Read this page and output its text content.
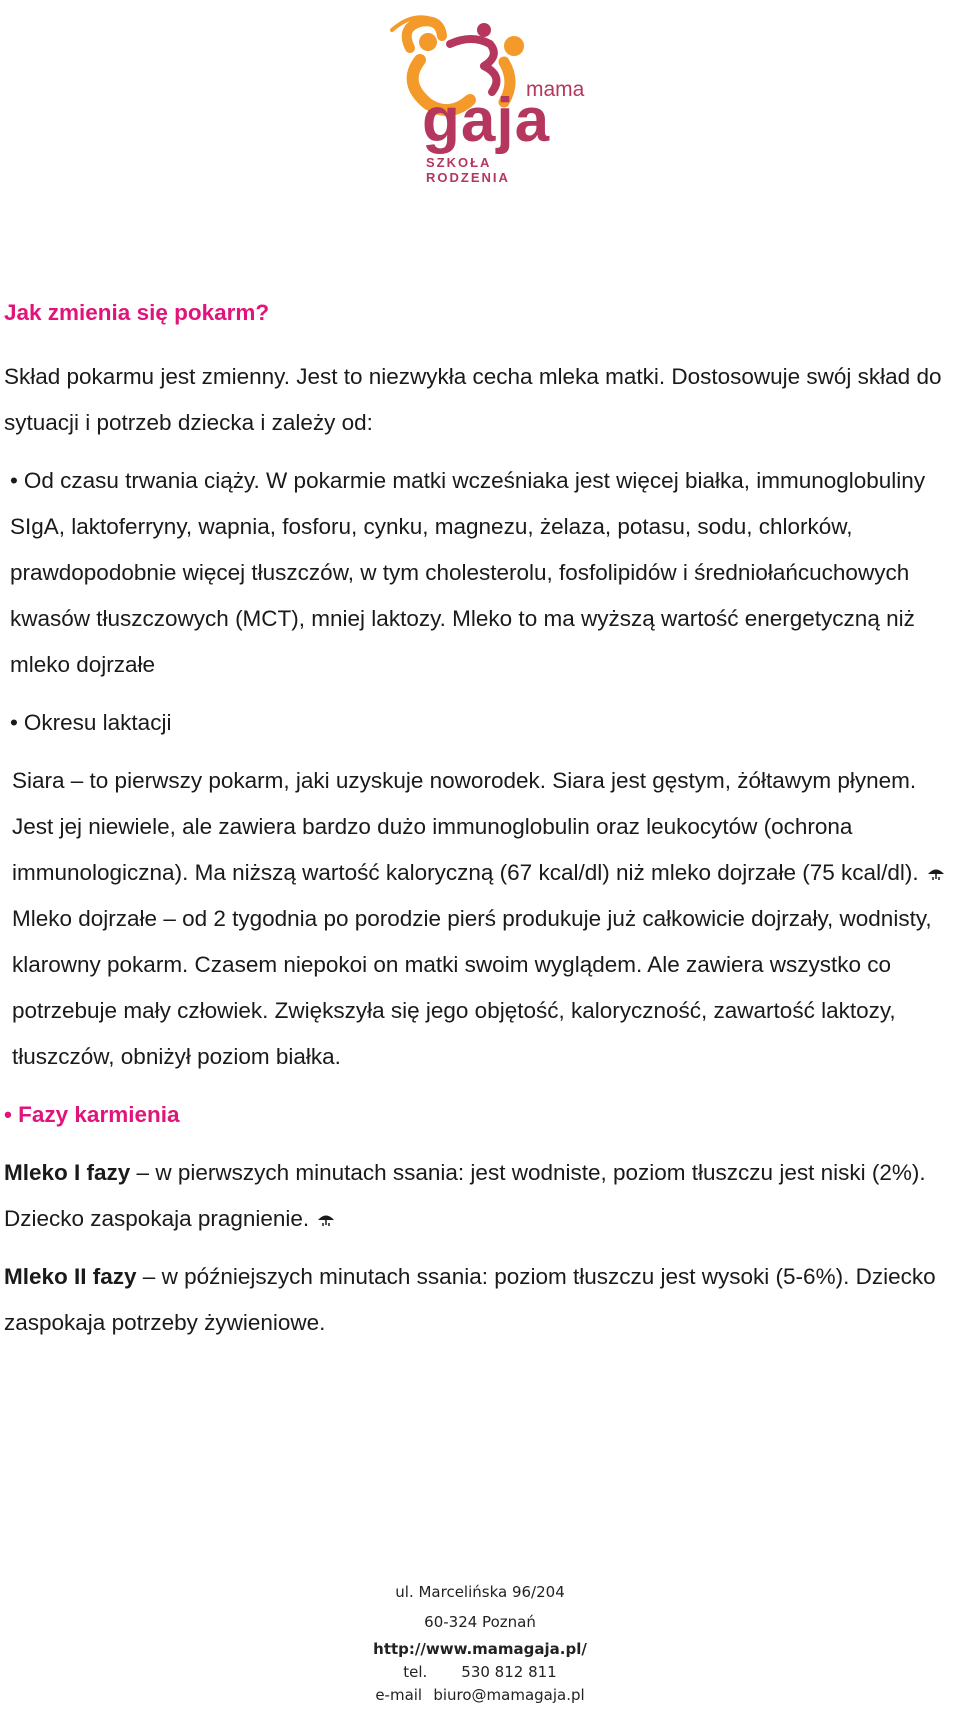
mama
gaja
SZKOŁA RODZENIA

Jak zmienia się pokarm?

Skład pokarmu jest zmienny. Jest to niezwykła cecha mleka matki. Dostosowuje swój skład do sytuacji i potrzeb dziecka i zależy od:

• Od czasu trwania ciąży. W pokarmie matki wcześniaka jest więcej białka, immunoglobuliny SIgA, laktoferryny, wapnia, fosforu, cynku, magnezu, żelaza, potasu, sodu, chlorków, prawdopodobnie więcej tłuszczów, w tym cholesterolu, fosfolipidów i średniołańcuchowych kwasów tłuszczowych (MCT), mniej laktozy. Mleko to ma wyższą wartość energetyczną niż mleko dojrzałe

• Okresu laktacji

Siara – to pierwszy pokarm, jaki uzyskuje noworodek. Siara jest gęstym, żółtawym płynem. Jest jej niewiele, ale zawiera bardzo dużo immunoglobulin oraz leukocytów (ochrona immunologiczna). Ma niższą wartość kaloryczną (67 kcal/dl) niż mleko dojrzałe (75 kcal/dl).  Mleko dojrzałe – od 2 tygodnia po porodzie pierś produkuje już całkowicie dojrzały, wodnisty, klarowny pokarm. Czasem niepokoi on matki swoim wyglądem. Ale zawiera wszystko co potrzebuje mały człowiek. Zwiększyła się jego objętość, kaloryczność, zawartość laktozy, tłuszczów, obniżył poziom białka.

• Fazy karmienia

Mleko I fazy – w pierwszych minutach ssania: jest wodniste, poziom tłuszczu jest niski (2%). Dziecko zaspokaja pragnienie.

Mleko II fazy – w późniejszych minutach ssania: poziom tłuszczu jest wysoki (5-6%). Dziecko zaspokaja potrzeby żywieniowe.

ul. Marcelińska 96/204
60-324 Poznań
http://www.mamagaja.pl/
tel. 530 812 811
e-mail biuro@mamagaja.pl
